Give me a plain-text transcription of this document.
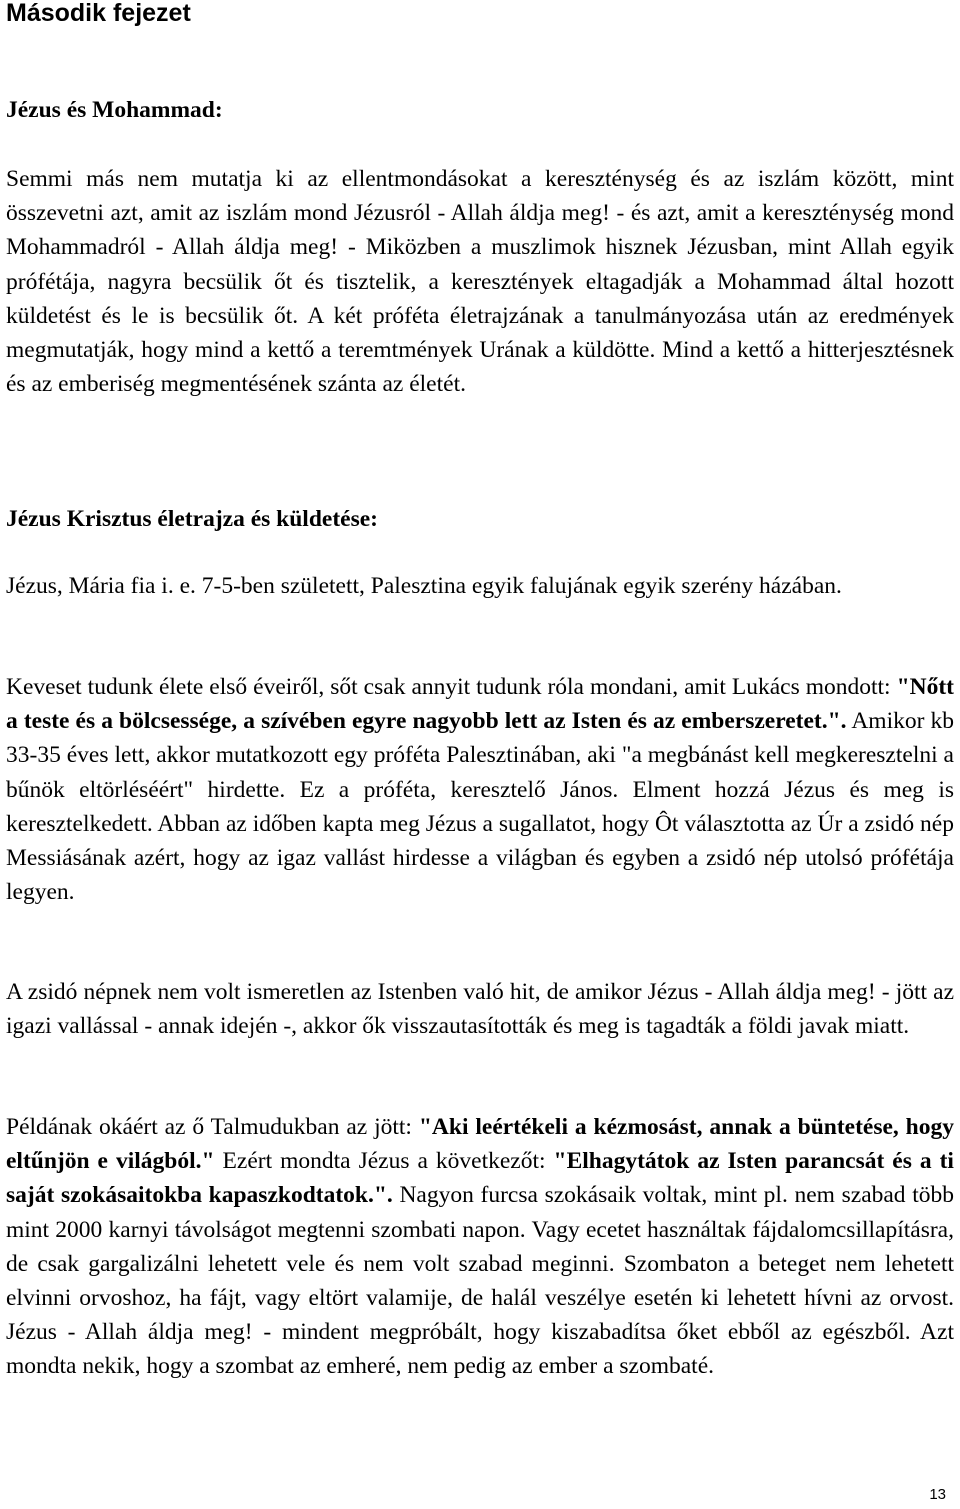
Második fejezet
Jézus és Mohammad:

Semmi más nem mutatja ki az ellentmondásokat a kereszténység és az iszlám között, mint összevetni azt, amit az iszlám mond Jézusról - Allah áldja meg! - és azt, amit a kereszténység mond Mohammadról - Allah áldja meg! - Miközben a muszlimok hisznek Jézusban, mint Allah egyik prófétája, nagyra becsülik őt és tisztelik, a keresztények eltagadják a Mohammad által hozott küldetést és le is becsülik őt. A két próféta életrajzának a tanulmányozása után az eredmények megmutatják, hogy mind a kettő a teremtmények Urának a küldötte. Mind a kettő a hitterjesztésnek és az emberiség megmentésének szánta az életét.

Jézus Krisztus életrajza és küldetése:

Jézus, Mária fia i. e. 7-5-ben született, Palesztina egyik falujának egyik szerény házában.

Keveset tudunk élete első éveiről, sőt csak annyit tudunk róla mondani, amit Lukács mondott: "Nőtt a teste és a bölcsessége, a szívében egyre nagyobb lett az Isten és az emberszeretet.". Amikor kb 33-35 éves lett, akkor mutatkozott egy próféta Palesztinában, aki "a megbánást kell megkeresztelni a bűnök eltörléséért" hirdette. Ez a próféta, keresztelő János. Elment hozzá Jézus és meg is keresztelkedett. Abban az időben kapta meg Jézus a sugallatot, hogy Ôt választotta az Úr a zsidó nép Messiásának azért, hogy az igaz vallást hirdesse a világban és egyben a zsidó nép utolsó prófétája legyen.

A zsidó népnek nem volt ismeretlen az Istenben való hit, de amikor Jézus - Allah áldja meg! - jött az igazi vallással - annak idején -, akkor ők visszautasították és meg is tagadták a földi javak miatt.

Példának okáért az ő Talmudukban az jött: "Aki leértékeli a kézmosást, annak a büntetése, hogy eltűnjön e világból." Ezért mondta Jézus a következőt: "Elhagytátok az Isten parancsát és a ti saját szokásaitokba kapaszkodtatok.". Nagyon furcsa szokásaik voltak, mint pl. nem szabad több mint 2000 karnyi távolságot megtenni szombati napon. Vagy ecetet használtak fájdalomcsillapításra, de csak gargalizálni lehetett vele és nem volt szabad meginni. Szombaton a beteget nem lehetett elvinni orvoshoz, ha fájt, vagy eltört valamije, de halál veszélye esetén ki lehetett hívni az orvost. Jézus - Allah áldja meg! - mindent megpróbált, hogy kiszabadítsa őket ebből az egészből. Azt mondta nekik, hogy a szombat az emheré, nem pedig az ember a szombaté.

13
